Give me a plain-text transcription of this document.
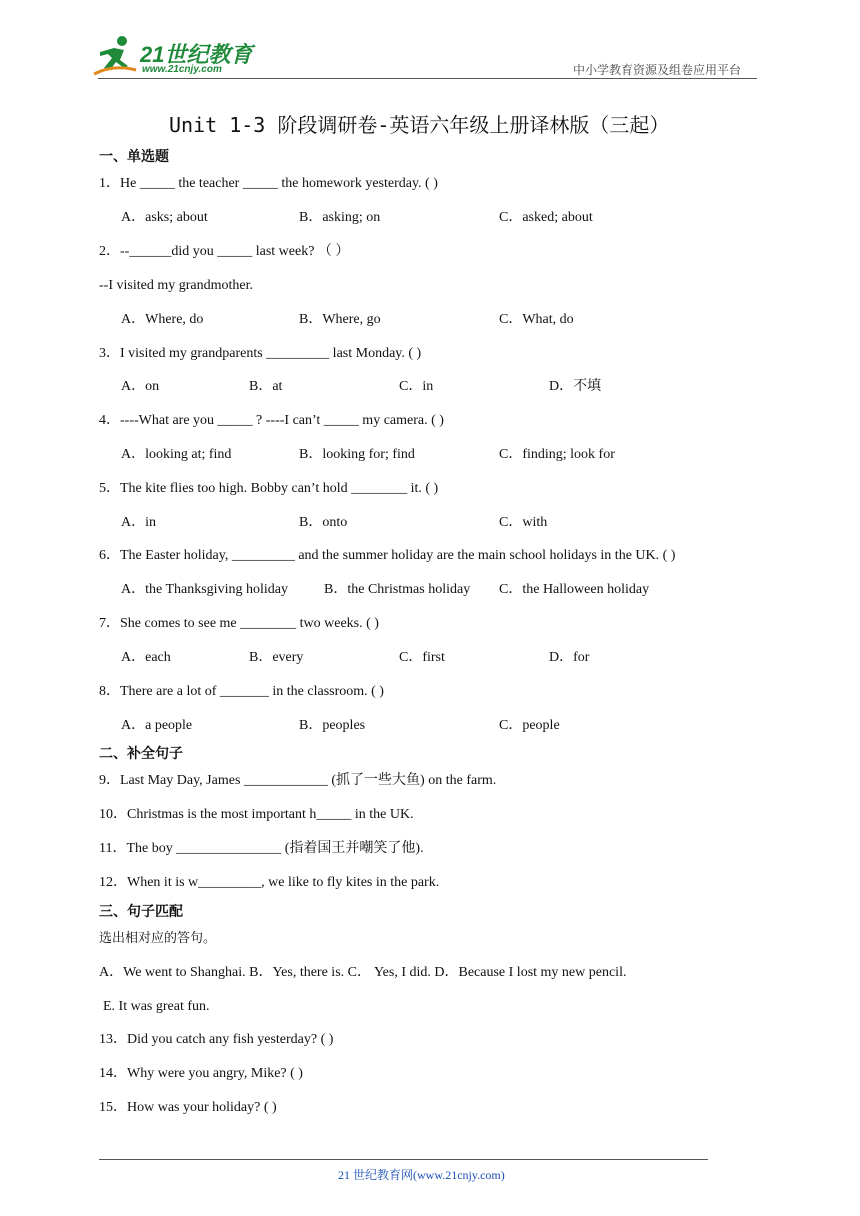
21世纪教育
www.21cnjy.com	中小学教育资源及组卷应用平台
Unit 1-3 阶段调研卷-英语六年级上册译林版（三起）
一、单选题
1．He _____ the teacher _____ the homework yesterday. ( )
A．asks; about	B．asking; on	C．asked; about
2．--______did you _____ last week? （ ）
--I visited my grandmother.
A．Where, do	B．Where, go	C．What, do
3．I visited my grandparents _________ last Monday. ( )
A．on	B．at	C．in	D．不填
4．----What are you _____ ? ----I can’t _____ my camera. ( )
A．looking at; find	B．looking for; find	C．finding; look for
5．The kite flies too high. Bobby can’t hold ________ it. ( )
A．in	B．onto	C．with
6．The Easter holiday, _________ and the summer holiday are the main school holidays in the UK. ( )
A．the Thanksgiving holiday	B．the Christmas holiday C．the Halloween holiday
7．She comes to see me ________ two weeks. ( )
A．each	B．every	C．first	D．for
8．There are a lot of _______ in the classroom. ( )
A．a people	B．peoples	C．people
二、补全句子
9．Last May Day, James ____________ (抓了一些大鱼) on the farm.
10．Christmas is the most important h_____ in the UK.
11．The boy _______________ (指着国王并嘲笑了他).
12．When it is w_________, we like to fly kites in the park.
三、句子匹配
选出相对应的答句。
A．We went to Shanghai. B．Yes, there is. C． Yes, I did. D．Because I lost my new pencil.
E. It was great fun.
13．Did you catch any fish yesterday? ( )
14．Why were you angry, Mike? ( )
15．How was your holiday? ( )
21 世纪教育网(www.21cnjy.com)
